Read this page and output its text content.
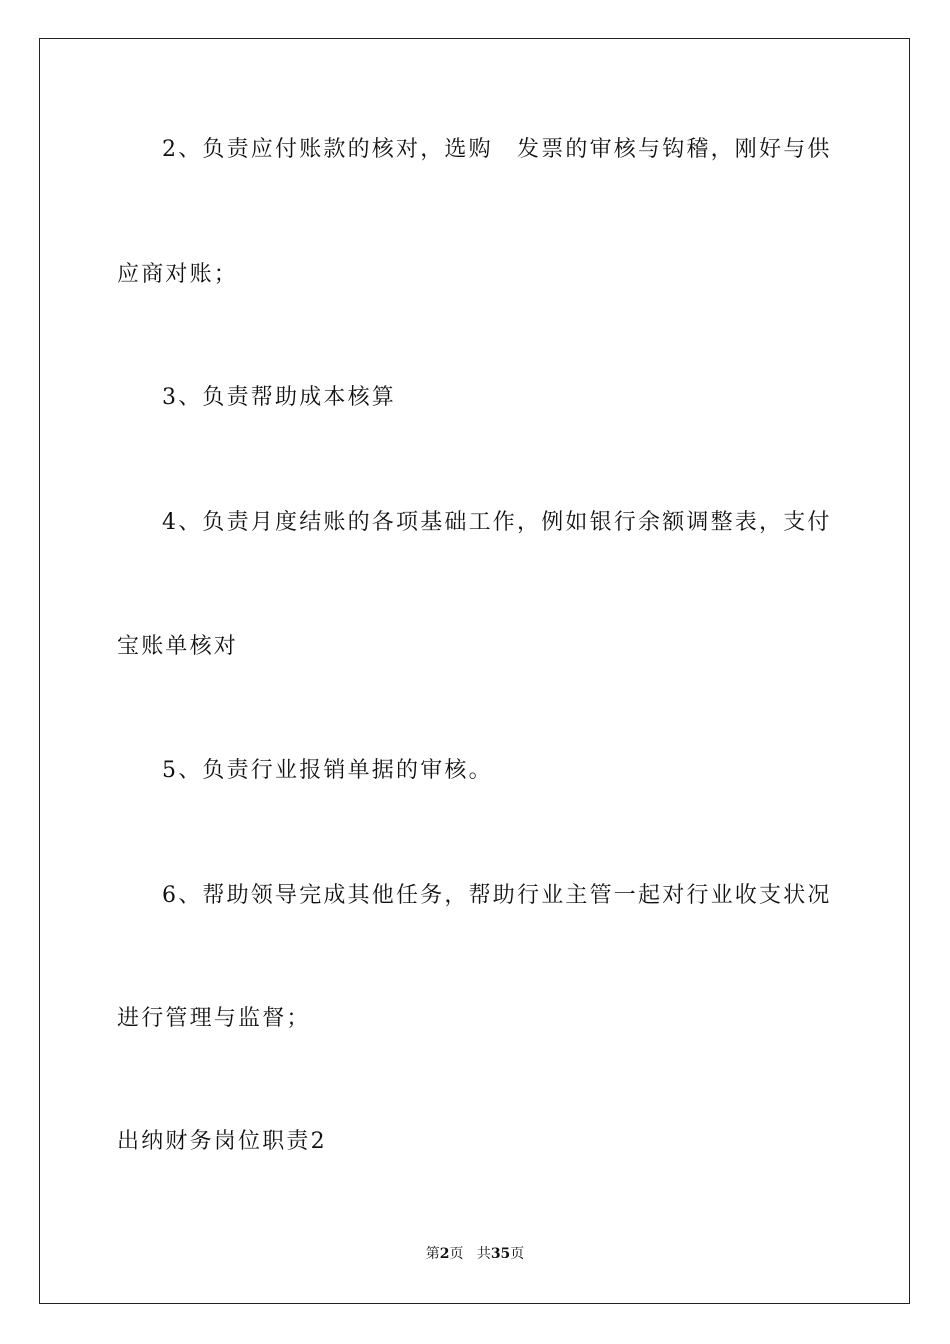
2、负责应付账款的核对，选购　发票的审核与钩稽，刚好与供
应商对账；
3、负责帮助成本核算
4、负责月度结账的各项基础工作，例如银行余额调整表，支付
宝账单核对
5、负责行业报销单据的审核。
6、帮助领导完成其他任务，帮助行业主管一起对行业收支状况
进行管理与监督；
出纳财务岗位职责2
第2页 共35页
